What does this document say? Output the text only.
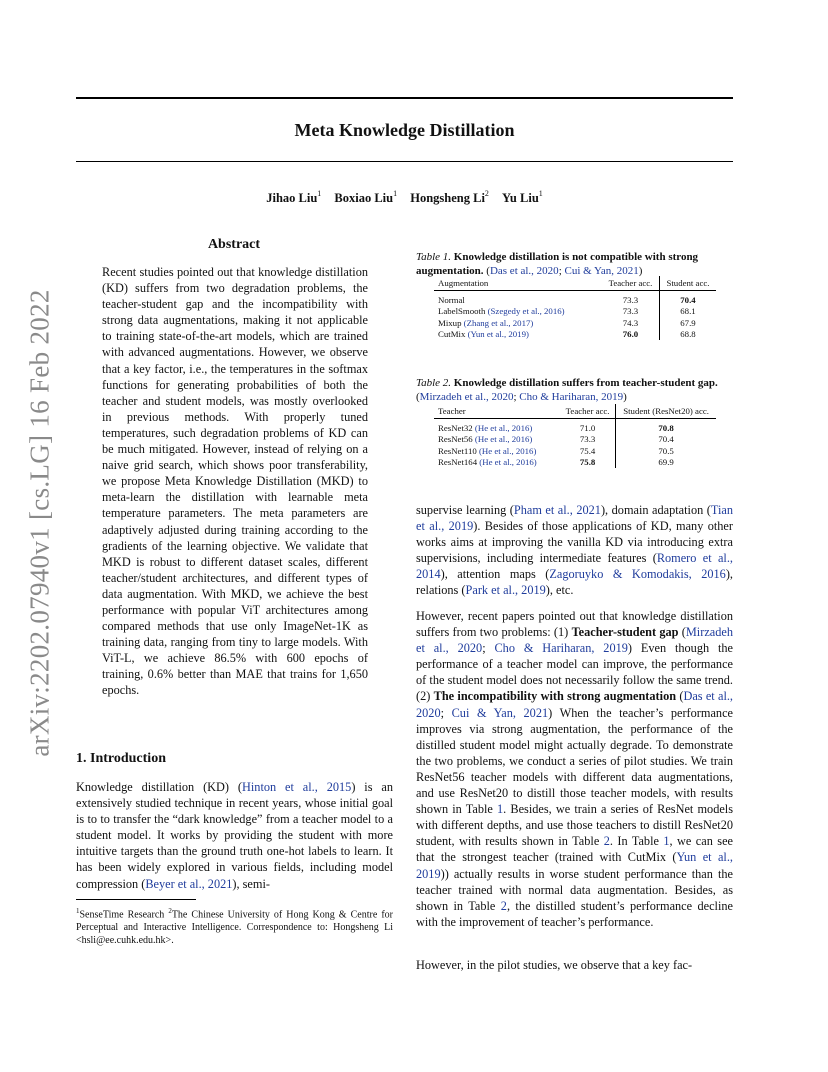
Meta Knowledge Distillation
Jihao Liu$^1$ Boxiao Liu$^1$ Hongsheng Li$^2$ Yu Liu$^1$
arXiv:2202.07940v1 [cs.LG] 16 Feb 2022
Abstract

Recent studies pointed out that knowledge distillation (KD) suffers from two degradation problems, the teacher-student gap and the incompatibility with strong data augmentations, making it not applicable to training state-of-the-art models, which are trained with advanced augmentations. However, we observe that a key factor, i.e., the temperatures in the softmax functions for generating probabilities of both the teacher and student models, was mostly overlooked in previous methods. With properly tuned temperatures, such degradation problems of KD can be much mitigated. However, instead of relying on a naive grid search, which shows poor transferability, we propose Meta Knowledge Distillation (MKD) to meta-learn the distillation with learnable meta temperature parameters. The meta parameters are adaptively adjusted during training according to the gradients of the learning objective. We validate that MKD is robust to different dataset scales, different teacher/student architectures, and different types of data augmentation. With MKD, we achieve the best performance with popular ViT architectures among compared methods that use only ImageNet-1K as training data, ranging from tiny to large models. With ViT-L, we achieve 86.5% with 600 epochs of training, 0.6% better than MAE that trains for 1,650 epochs.

1. Introduction

Knowledge distillation (KD) (Hinton et al., 2015) is an extensively studied technique in recent years, whose initial goal is to to transfer the “dark knowledge” from a teacher model to a student model. It works by providing the student with more intuitive targets than the ground truth one-hot labels to learn. It has been widely explored in various fields, including model compression (Beyer et al., 2021), semi-

$^1$SenseTime Research $^2$The Chinese University of Hong Kong & Centre for Perceptual and Interactive Intelligence. Correspondence to: Hongsheng Li <hsli@ee.cuhk.edu.hk>.

Table 1. Knowledge distillation is not compatible with strong augmentation. (Das et al., 2020; Cui & Yan, 2021)

Augmentation	Teacher acc.	Student acc.
Normal	73.3	70.4
LabelSmooth (Szegedy et al., 2016)	73.3	68.1
Mixup (Zhang et al., 2017)	74.3	67.9
CutMix (Yun et al., 2019)	76.0	68.8

Table 2. Knowledge distillation suffers from teacher-student gap. (Mirzadeh et al., 2020; Cho & Hariharan, 2019)

Teacher	Teacher acc.	Student (ResNet20) acc.
ResNet32 (He et al., 2016)	71.0	70.8
ResNet56 (He et al., 2016)	73.3	70.4
ResNet110 (He et al., 2016)	75.4	70.5
ResNet164 (He et al., 2016)	75.8	69.9

supervise learning (Pham et al., 2021), domain adaptation (Tian et al., 2019). Besides of those applications of KD, many other works aims at improving the vanilla KD via introducing extra supervisions, including intermediate features (Romero et al., 2014), attention maps (Zagoruyko & Komodakis, 2016), relations (Park et al., 2019), etc.

However, recent papers pointed out that knowledge distillation suffers from two problems: (1) Teacher-student gap (Mirzadeh et al., 2020; Cho & Hariharan, 2019) Even though the performance of a teacher model can improve, the performance of the student model does not necessarily follow the same trend. (2) The incompatibility with strong augmentation (Das et al., 2020; Cui & Yan, 2021) When the teacher’s performance improves via strong augmentation, the performance of the distilled student model might actually degrade. To demonstrate the two problems, we conduct a series of pilot studies. We train ResNet56 teacher models with different data augmentations, and use ResNet20 to distill those teacher models, with results shown in Table 1. Besides, we train a series of ResNet models with different depths, and use those teachers to distill ResNet20 student, with results shown in Table 2. In Table 1, we can see that the strongest teacher (trained with CutMix (Yun et al., 2019)) actually results in worse student performance than the teacher trained with normal data augmentation. Besides, as shown in Table 2, the distilled student’s performance decline with the improvement of teacher’s performance.

However, in the pilot studies, we observe that a key fac-
